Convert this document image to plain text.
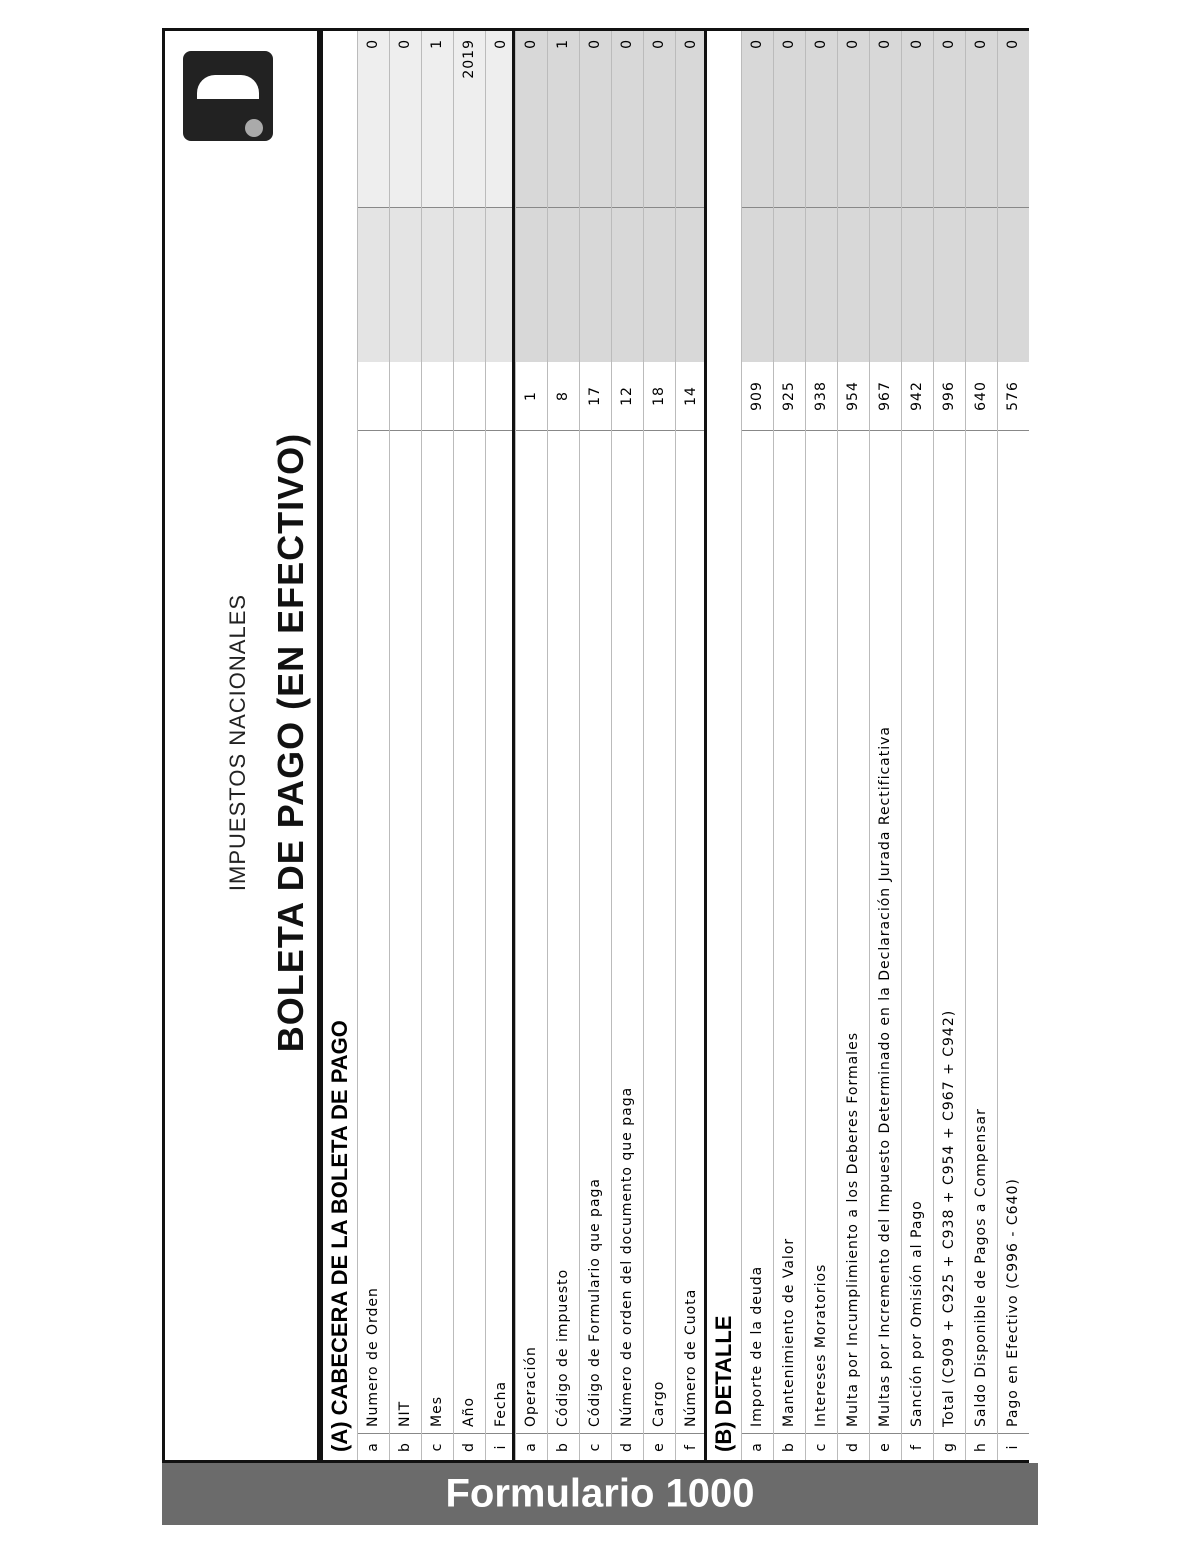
Formulario 1000
IMPUESTOS NACIONALES BOLETA DE PAGO (EN EFECTIVO)
(A) CABECERA DE LA BOLETA DE PAGO a
Numero de Orden
0
b
NIT
0
c
Mes
1
d
Año
2019
i
Fecha
0
a
Operación
1
0
b
Código de impuesto
8
1
c
Código de Formulario que paga
17
0
d
Número de orden del documento que paga
12
0
e
Cargo
18
0
f
Número de Cuota
14
0
(B) DETALLE a
Importe de la deuda
909
0
b
Mantenimiento de Valor
925
0
c
Intereses Moratorios
938
0
d
Multa por Incumplimiento a los Deberes Formales
954
0
e
Multas por Incremento del Impuesto Determinado en la Declaración Jurada Rectificativa
967
0
f
Sanción por Omisión al Pago
942
0
g
Total (C909 + C925 + C938 + C954 + C967 + C942)
996
0
h
Saldo Disponible de Pagos a Compensar
640
0
i
Pago en Efectivo (C996 - C640)
576
0
